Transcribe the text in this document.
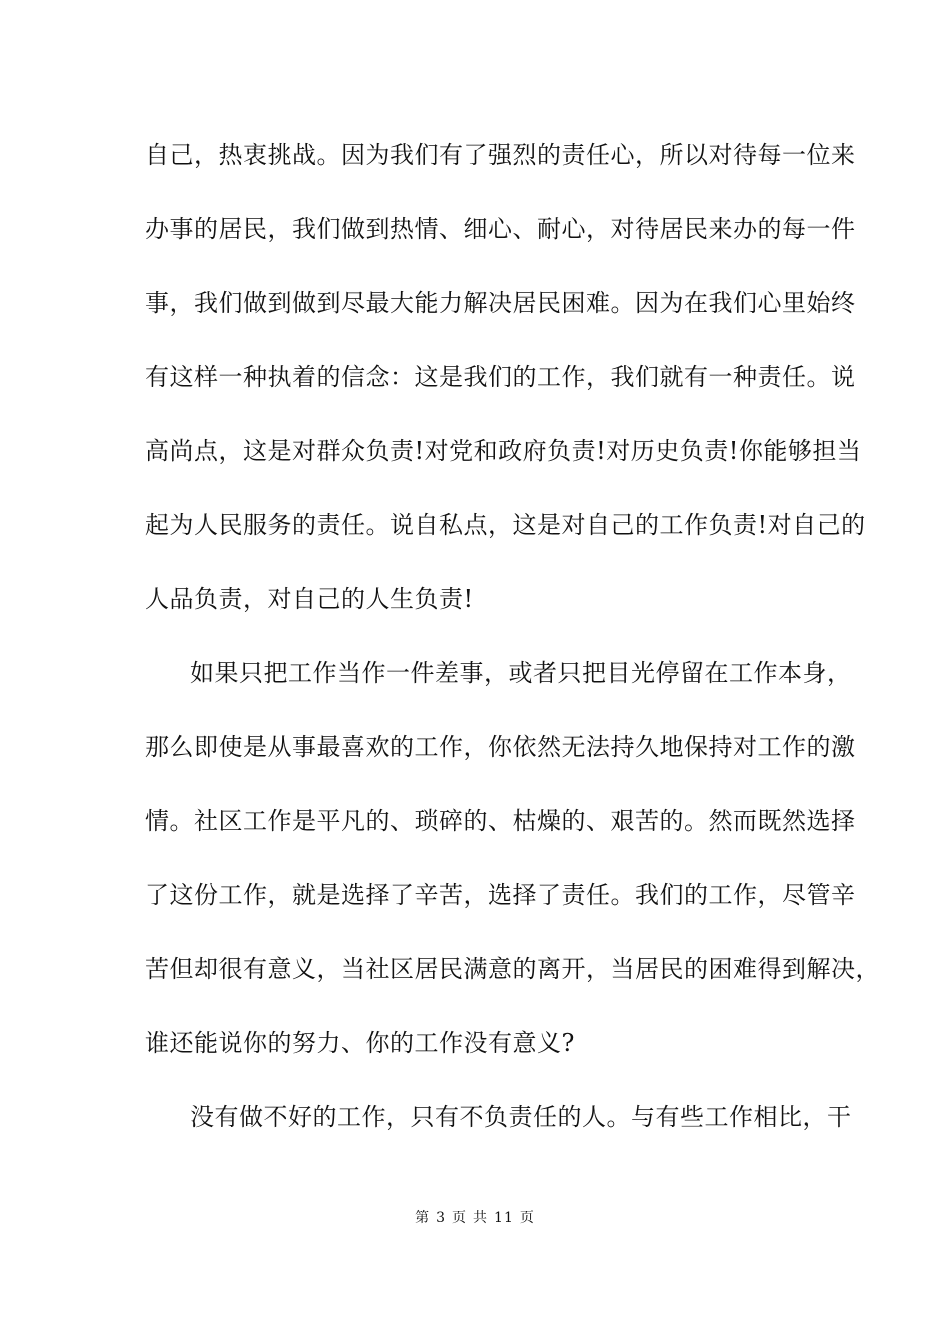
自己，热衷挑战。因为我们有了强烈的责任心，所以对待每一位来
办事的居民，我们做到热情、细心、耐心，对待居民来办的每一件
事，我们做到做到尽最大能力解决居民困难。因为在我们心里始终
有这样一种执着的信念：这是我们的工作，我们就有一种责任。说
高尚点，这是对群众负责!对党和政府负责!对历史负责!你能够担当
起为人民服务的责任。说自私点，这是对自己的工作负责!对自己的
人品负责，对自己的人生负责!
如果只把工作当作一件差事，或者只把目光停留在工作本身，
那么即使是从事最喜欢的工作，你依然无法持久地保持对工作的激
情。社区工作是平凡的、琐碎的、枯燥的、艰苦的。然而既然选择
了这份工作，就是选择了辛苦，选择了责任。我们的工作，尽管辛
苦但却很有意义，当社区居民满意的离开，当居民的困难得到解决，
谁还能说你的努力、你的工作没有意义?
没有做不好的工作，只有不负责任的人。与有些工作相比，干
第 3 页 共 11 页
